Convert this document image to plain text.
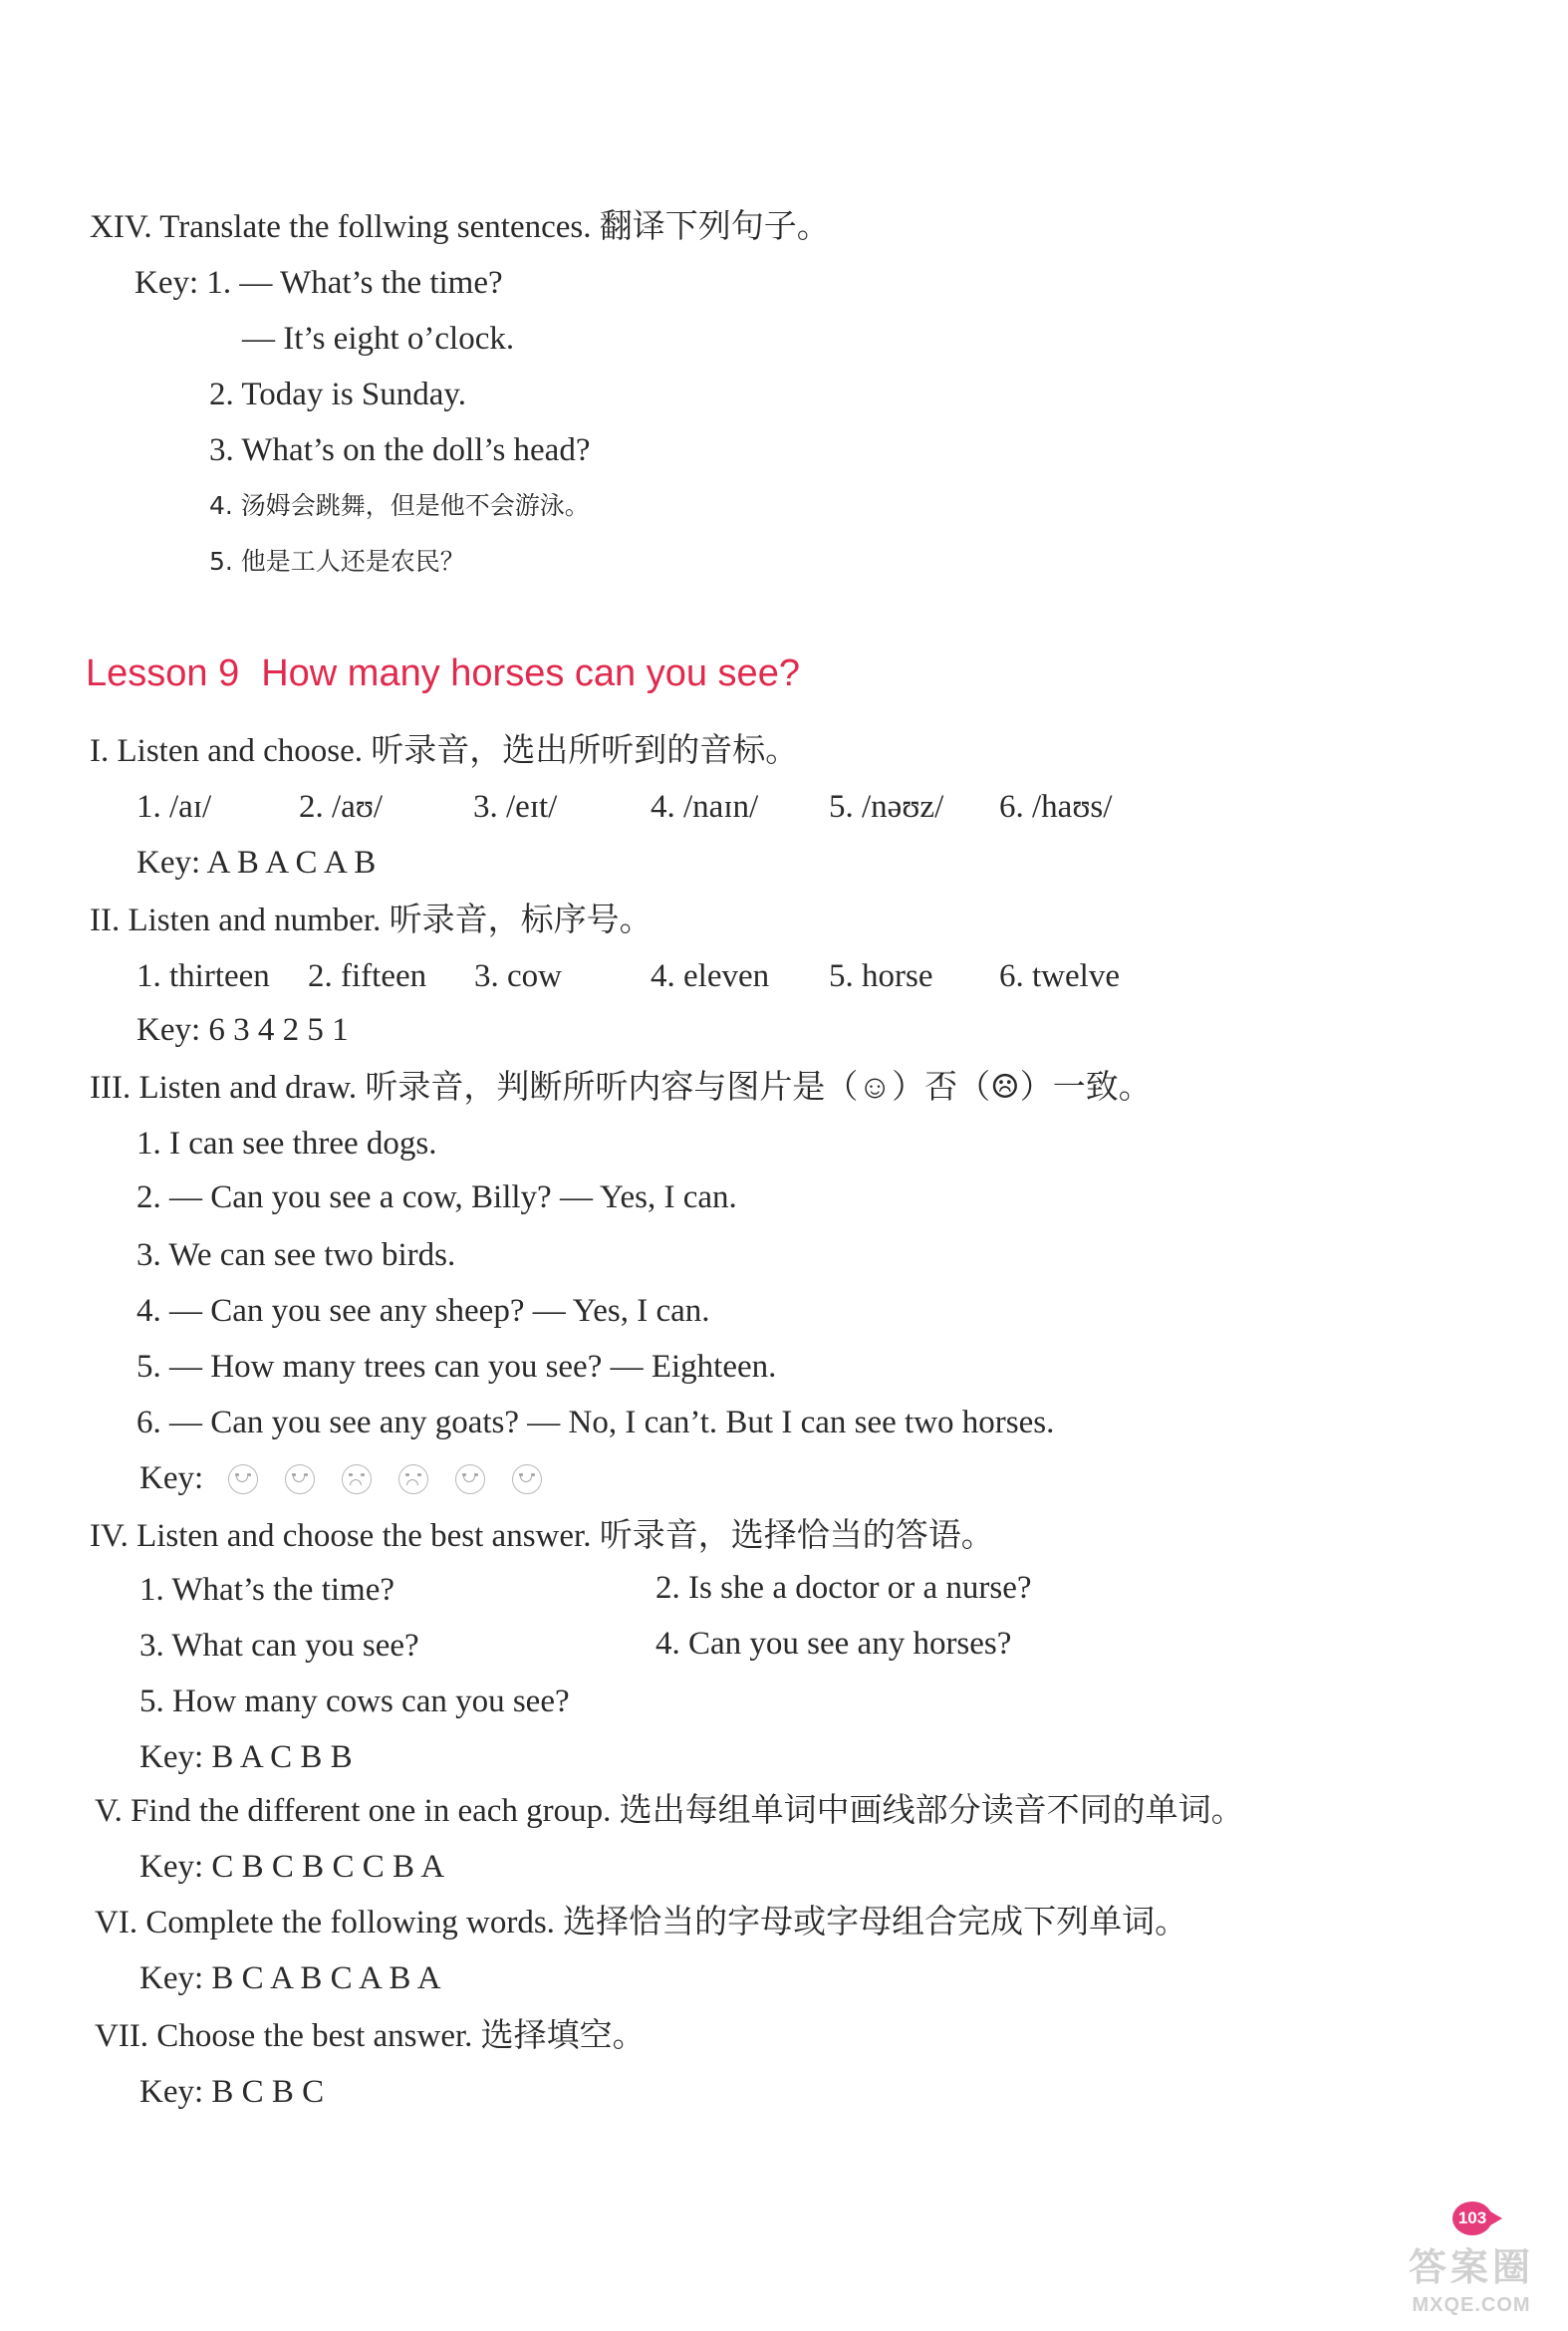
XIV. Translate the follwing sentences. 翻译下列句子。
Key: 1. — What’s the time?
— It’s eight o’clock.
2. Today is Sunday.
3. What’s on the doll’s head?
4. 汤姆会跳舞，但是他不会游泳。
5. 他是工人还是农民？
Lesson 9 How many horses can you see?
I. Listen and choose. 听录音，选出所听到的音标。
1. /aɪ/	2. /aʊ/	3. /eɪt/	4. /naɪn/ 5. /nəʊz/ 6. /haʊs/
Key: A B A C A B
II. Listen and number. 听录音，标序号。
1. thirteen 2. fifteen 3. cow	4. eleven 5. horse 6. twelve
Key: 6 3 4 2 5 1
III. Listen and draw. 听录音，判断所听内容与图片是（☺）否（☹）一致。
1. I can see three dogs.
2. — Can you see a cow, Billy? — Yes, I can.
3. We can see two birds.
4. — Can you see any sheep? — Yes, I can.
5. — How many trees can you see? — Eighteen.
6. — Can you see any goats? — No, I can’t. But I can see two horses.
Key:
IV. Listen and choose the best answer. 听录音，选择恰当的答语。
1. What’s the time?	2. Is she a doctor or a nurse?
3. What can you see?	4. Can you see any horses?
5. How many cows can you see?
Key: B A C B B
V. Find the different one in each group. 选出每组单词中画线部分读音不同的单词。
Key: C B C B C C B A
VI. Complete the following words. 选择恰当的字母或字母组合完成下列单词。
Key: B C A B C A B A
VII. Choose the best answer. 选择填空。
Key: B C B C
103
答案圈
MXQE.COM
